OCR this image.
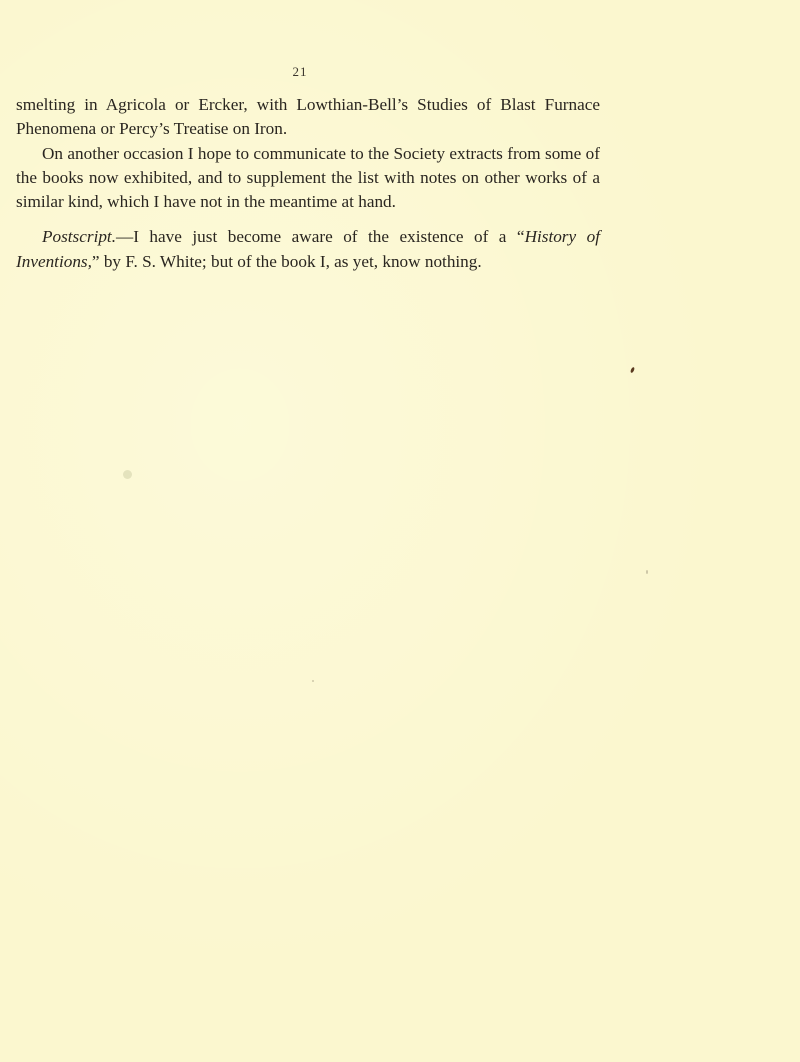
21

smelting in Agricola or Ercker, with Lowthian-Bell’s Studies of Blast Furnace Phenomena or Percy’s Treatise on Iron.

On another occasion I hope to communicate to the Society extracts from some of the books now exhibited, and to supplement the list with notes on other works of a similar kind, which I have not in the meantime at hand.

Postscript.—I have just become aware of the existence of a “History of Inventions,” by F. S. White; but of the book I, as yet, know nothing.
